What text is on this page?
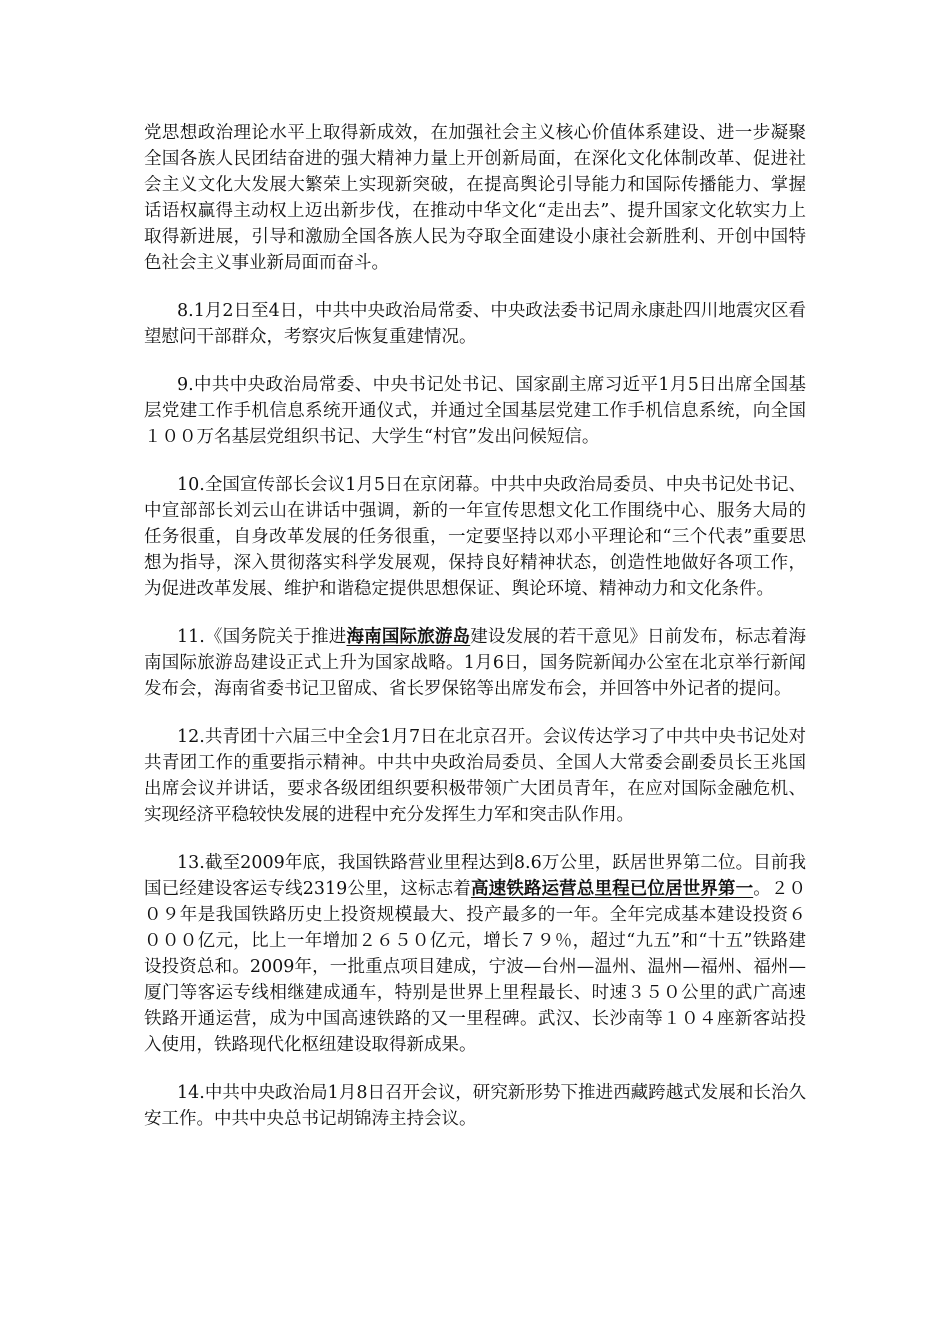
党思想政治理论水平上取得新成效，在加强社会主义核心价值体系建设、进一步凝聚全国各族人民团结奋进的强大精神力量上开创新局面，在深化文化体制改革、促进社会主义文化大发展大繁荣上实现新突破，在提高舆论引导能力和国际传播能力、掌握话语权赢得主动权上迈出新步伐，在推动中华文化“走出去”、提升国家文化软实力上取得新进展，引导和激励全国各族人民为夺取全面建设小康社会新胜利、开创中国特色社会主义事业新局面而奋斗。

8.1月2日至4日，中共中央政治局常委、中央政法委书记周永康赴四川地震灾区看望慰问干部群众，考察灾后恢复重建情况。

9.中共中央政治局常委、中央书记处书记、国家副主席习近平1月5日出席全国基层党建工作手机信息系统开通仪式，并通过全国基层党建工作手机信息系统，向全国１００万名基层党组织书记、大学生“村官”发出问候短信。

10.全国宣传部长会议1月5日在京闭幕。中共中央政治局委员、中央书记处书记、中宣部部长刘云山在讲话中强调，新的一年宣传思想文化工作围绕中心、服务大局的任务很重，自身改革发展的任务很重，一定要坚持以邓小平理论和“三个代表”重要思想为指导，深入贯彻落实科学发展观，保持良好精神状态，创造性地做好各项工作，为促进改革发展、维护和谐稳定提供思想保证、舆论环境、精神动力和文化条件。

11.《国务院关于推进海南国际旅游岛建设发展的若干意见》日前发布，标志着海南国际旅游岛建设正式上升为国家战略。1月6日，国务院新闻办公室在北京举行新闻发布会，海南省委书记卫留成、省长罗保铭等出席发布会，并回答中外记者的提问。

12.共青团十六届三中全会1月7日在北京召开。会议传达学习了中共中央书记处对共青团工作的重要指示精神。中共中央政治局委员、全国人大常委会副委员长王兆国出席会议并讲话，要求各级团组织要积极带领广大团员青年，在应对国际金融危机、实现经济平稳较快发展的进程中充分发挥生力军和突击队作用。

13.截至2009年底，我国铁路营业里程达到8.6万公里，跃居世界第二位。目前我国已经建设客运专线2319公里，这标志着高速铁路运营总里程已位居世界第一。２００９年是我国铁路历史上投资规模最大、投产最多的一年。全年完成基本建设投资６０００亿元，比上一年增加２６５０亿元，增长７９％，超过“九五”和“十五”铁路建设投资总和。2009年，一批重点项目建成，宁波—台州—温州、温州—福州、福州—厦门等客运专线相继建成通车，特别是世界上里程最长、时速３５０公里的武广高速铁路开通运营，成为中国高速铁路的又一里程碑。武汉、长沙南等１０４座新客站投入使用，铁路现代化枢纽建设取得新成果。

14.中共中央政治局1月8日召开会议，研究新形势下推进西藏跨越式发展和长治久安工作。中共中央总书记胡锦涛主持会议。
